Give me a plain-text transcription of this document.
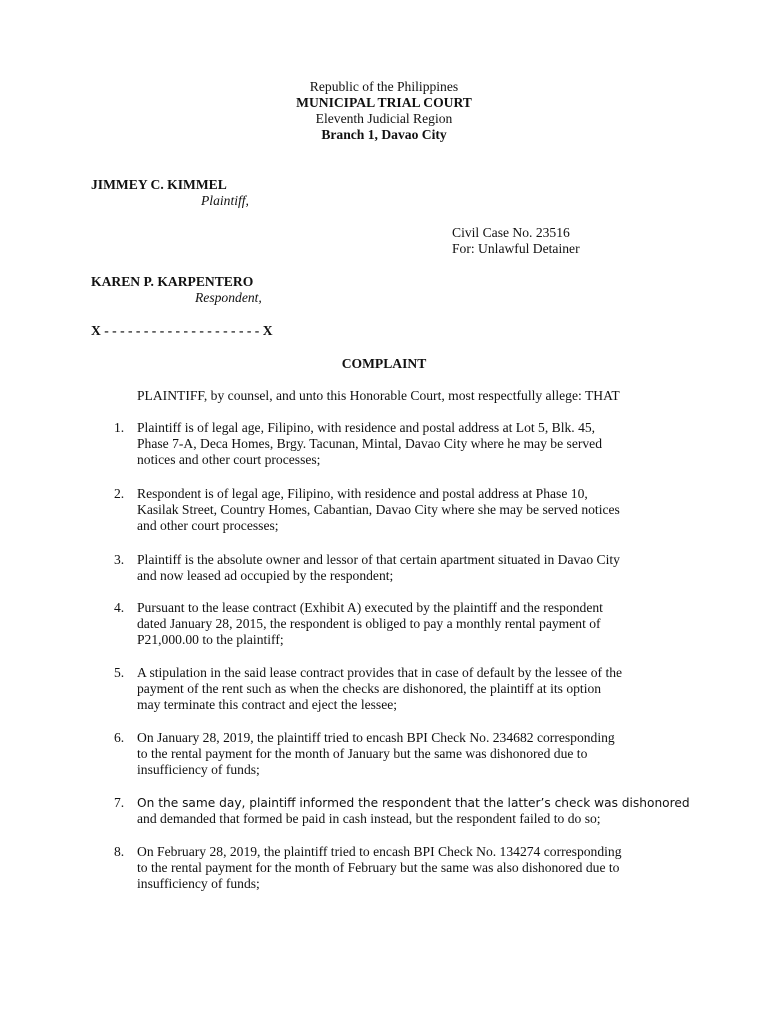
Republic of the Philippines
MUNICIPAL TRIAL COURT
Eleventh Judicial Region
Branch 1, Davao City
JIMMEY C. KIMMEL
Plaintiff,
Civil Case No. 23516
For: Unlawful Detainer
KAREN P. KARPENTERO
Respondent,
X - - - - - - - - - - - - - - - - - - - - X
COMPLAINT
PLAINTIFF, by counsel, and unto this Honorable Court, most respectfully allege: THAT
1. Plaintiff is of legal age, Filipino, with residence and postal address at Lot 5, Blk. 45,
Phase 7-A, Deca Homes, Brgy. Tacunan, Mintal, Davao City where he may be served
notices and other court processes;
2. Respondent is of legal age, Filipino, with residence and postal address at Phase 10,
Kasilak Street, Country Homes, Cabantian, Davao City where she may be served notices
and other court processes;
3. Plaintiff is the absolute owner and lessor of that certain apartment situated in Davao City
and now leased ad occupied by the respondent;
4. Pursuant to the lease contract (Exhibit A) executed by the plaintiff and the respondent
dated January 28, 2015, the respondent is obliged to pay a monthly rental payment of
P21,000.00 to the plaintiff;
5. A stipulation in the said lease contract provides that in case of default by the lessee of the
payment of the rent such as when the checks are dishonored, the plaintiff at its option
may terminate this contract and eject the lessee;
6. On January 28, 2019, the plaintiff tried to encash BPI Check No. 234682 corresponding
to the rental payment for the month of January but the same was dishonored due to
insufficiency of funds;
7. On the same day, plaintiff informed the respondent that the latter’s check was dishonored
and demanded that formed be paid in cash instead, but the respondent failed to do so;
8. On February 28, 2019, the plaintiff tried to encash BPI Check No. 134274 corresponding
to the rental payment for the month of February but the same was also dishonored due to
insufficiency of funds;
